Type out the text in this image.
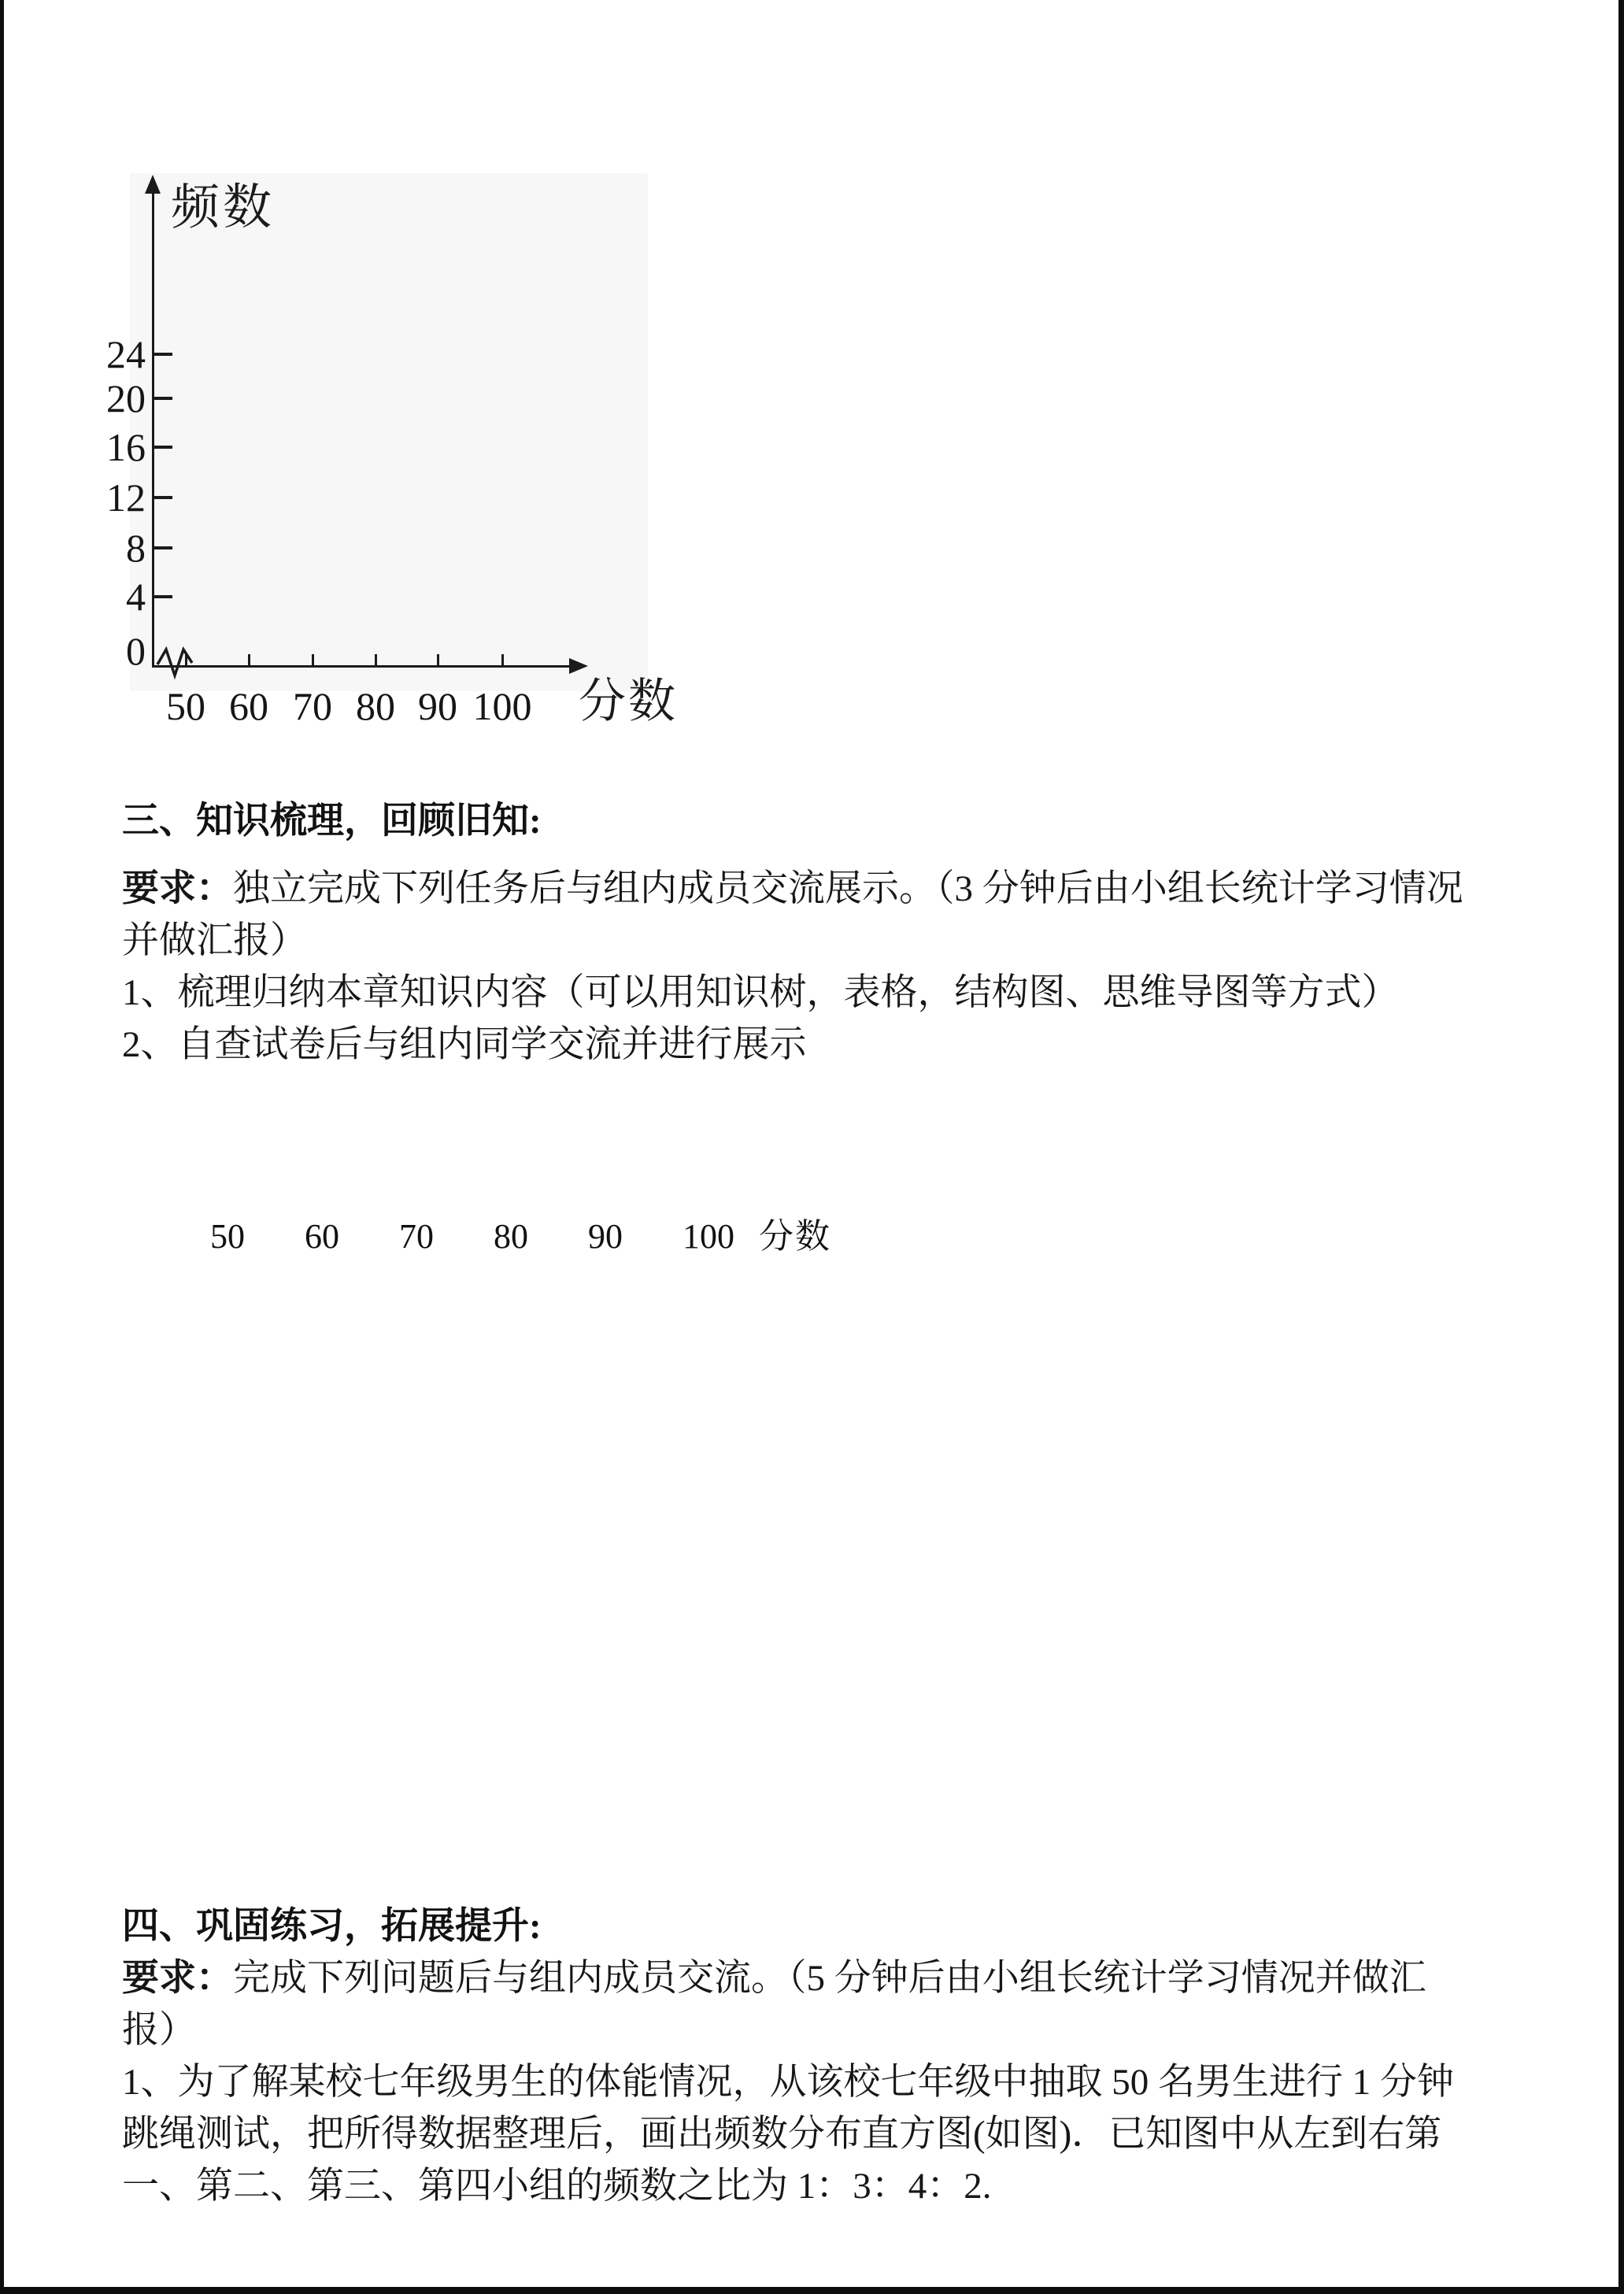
频数
24
20
16
12
8
4
0
50 60 70 80 90 100 分数
三、知识梳理，回顾旧知:
要求：独立完成下列任务后与组内成员交流展示。（3 分钟后由小组长统计学习情况
并做汇报）
1、梳理归纳本章知识内容（可以用知识树，表格，结构图、思维导图等方式）
2、自查试卷后与组内同学交流并进行展示
50 60 70 80 90 100 分数
四、巩固练习，拓展提升:
要求：完成下列问题后与组内成员交流。（5 分钟后由小组长统计学习情况并做汇
报）
1、为了解某校七年级男生的体能情况，从该校七年级中抽取 50 名男生进行 1 分钟
跳绳测试，把所得数据整理后，画出频数分布直方图(如图)．已知图中从左到右第
一、第二、第三、第四小组的频数之比为 1：3：4：2.
